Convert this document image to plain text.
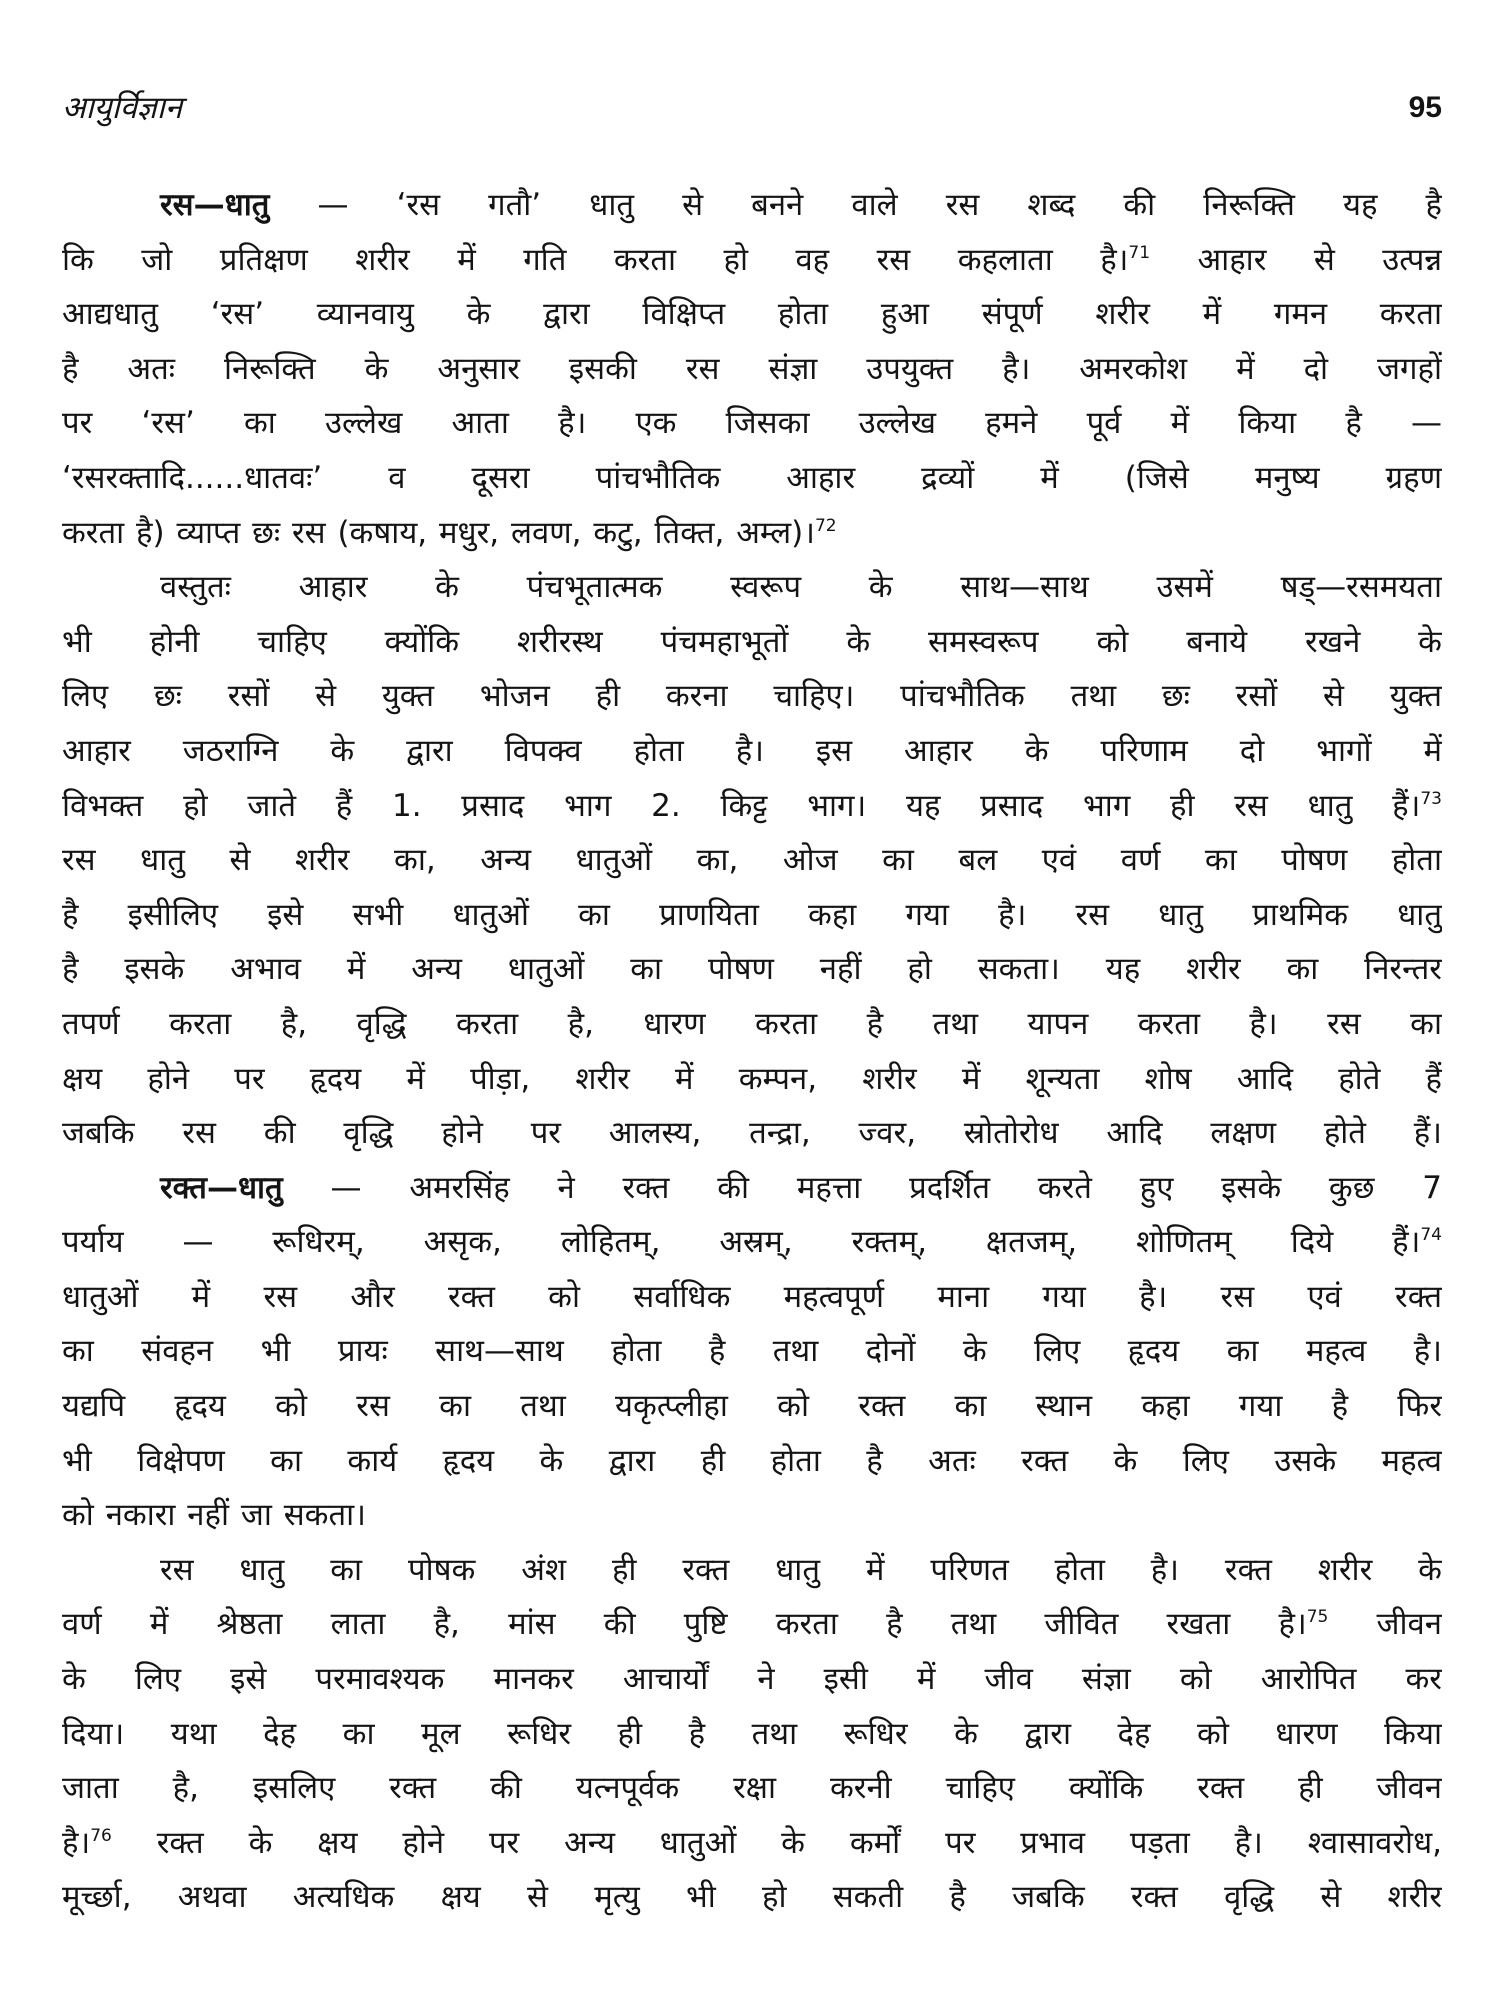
आयुर्विज्ञान	95
रस—धातु — ‘रस गतौ’ धातु से बनने वाले रस शब्द की निरूक्ति यह है
कि जो प्रतिक्षण शरीर में गति करता हो वह रस कहलाता है।$^{71}$ आहार से उत्पन्न
आद्यधातु ‘रस’ व्यानवायु के द्वारा विक्षिप्त होता हुआ संपूर्ण शरीर में गमन करता
है अतः निरूक्ति के अनुसार इसकी रस संज्ञा उपयुक्त है। अमरकोश में दो जगहों
पर ‘रस’ का उल्लेख आता है। एक जिसका उल्लेख हमने पूर्व में किया है —
‘रसरक्तादि......धातवः’ व दूसरा पांचभौतिक आहार द्रव्यों में (जिसे मनुष्य ग्रहण
करता है) व्याप्त छः रस (कषाय, मधुर, लवण, कटु, तिक्त, अम्ल)।$^{72}$
वस्तुतः आहार के पंचभूतात्मक स्वरूप के साथ—साथ उसमें षड्—रसमयता
भी होनी चाहिए क्योंकि शरीरस्थ पंचमहाभूतों के समस्वरूप को बनाये रखने के
लिए छः रसों से युक्त भोजन ही करना चाहिए। पांचभौतिक तथा छः रसों से युक्त
आहार जठराग्नि के द्वारा विपक्व होता है। इस आहार के परिणाम दो भागों में
विभक्त हो जाते हैं 1. प्रसाद भाग 2. किट्ट भाग। यह प्रसाद भाग ही रस धातु हैं।$^{73}$
रस धातु से शरीर का, अन्य धातुओं का, ओज का बल एवं वर्ण का पोषण होता
है इसीलिए इसे सभी धातुओं का प्राणयिता कहा गया है। रस धातु प्राथमिक धातु
है इसके अभाव में अन्य धातुओं का पोषण नहीं हो सकता। यह शरीर का निरन्तर
तपर्ण करता है, वृद्धि करता है, धारण करता है तथा यापन करता है। रस का
क्षय होने पर हृदय में पीड़ा, शरीर में कम्पन, शरीर में शून्यता शोष आदि होते हैं
जबकि रस की वृद्धि होने पर आलस्य, तन्द्रा, ज्वर, स्रोतोरोध आदि लक्षण होते हैं।
रक्त—धातु — अमरसिंह ने रक्त की महत्ता प्रदर्शित करते हुए इसके कुछ 7
पर्याय — रूधिरम्, असृक, लोहितम्, अस्रम्, रक्तम्, क्षतजम्, शोणितम् दिये हैं।$^{74}$
धातुओं में रस और रक्त को सर्वाधिक महत्वपूर्ण माना गया है। रस एवं रक्त
का संवहन भी प्रायः साथ—साथ होता है तथा दोनों के लिए हृदय का महत्व है।
यद्यपि हृदय को रस का तथा यकृत्प्लीहा को रक्त का स्थान कहा गया है फिर
भी विक्षेपण का कार्य हृदय के द्वारा ही होता है अतः रक्त के लिए उसके महत्व
को नकारा नहीं जा सकता।
रस धातु का पोषक अंश ही रक्त धातु में परिणत होता है। रक्त शरीर के
वर्ण में श्रेष्ठता लाता है, मांस की पुष्टि करता है तथा जीवित रखता है।$^{75}$ जीवन
के लिए इसे परमावश्यक मानकर आचार्यों ने इसी में जीव संज्ञा को आरोपित कर
दिया। यथा देह का मूल रूधिर ही है तथा रूधिर के द्वारा देह को धारण किया
जाता है, इसलिए रक्त की यत्नपूर्वक रक्षा करनी चाहिए क्योंकि रक्त ही जीवन
है।$^{76}$ रक्त के क्षय होने पर अन्य धातुओं के कर्मों पर प्रभाव पड़ता है। श्वासावरोध,
मूर्च्छा, अथवा अत्यधिक क्षय से मृत्यु भी हो सकती है जबकि रक्त वृद्धि से शरीर
